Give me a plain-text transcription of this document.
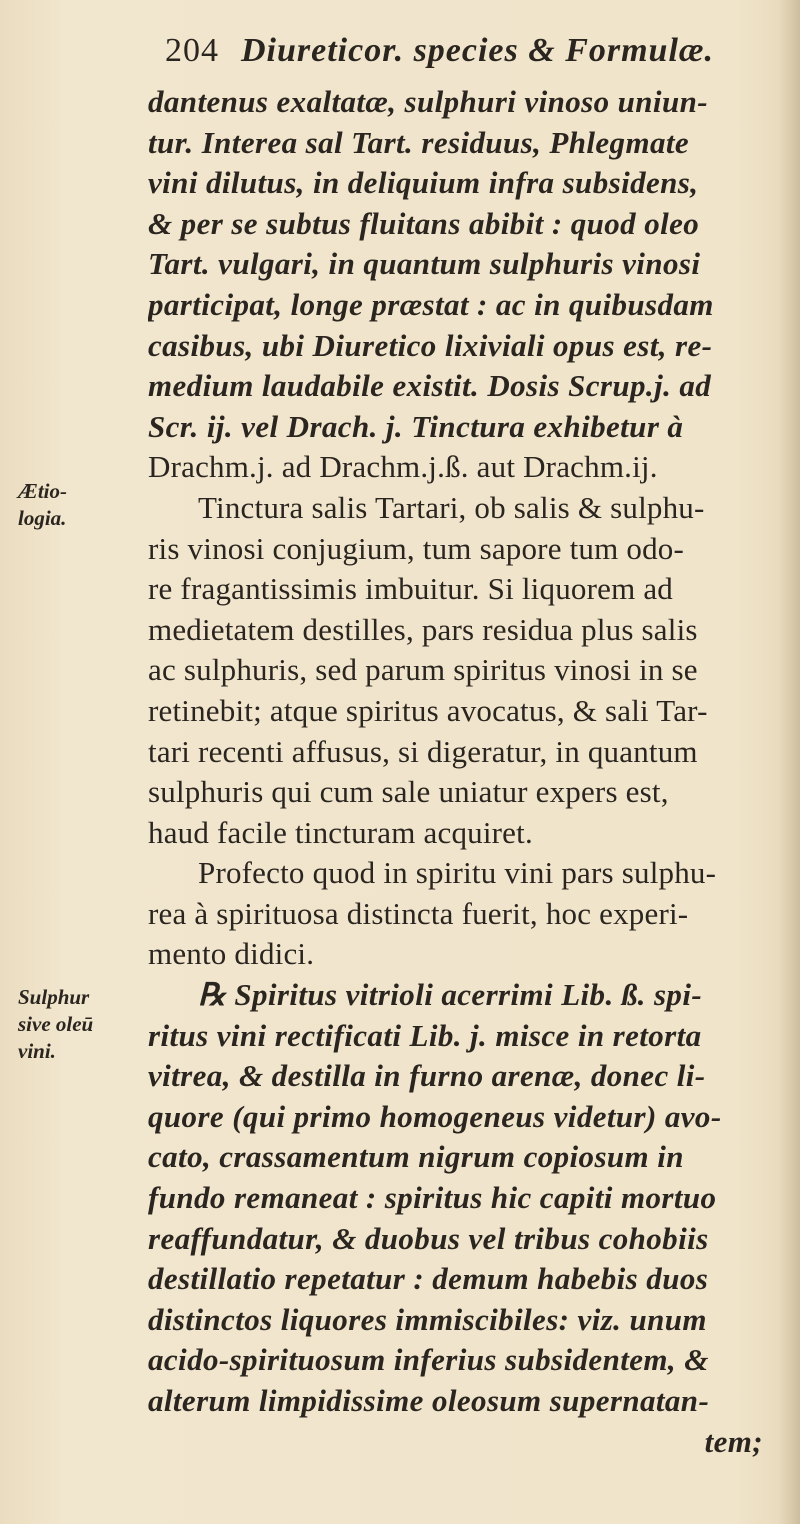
204 Diureticor. species & Formulæ.
Ætio-
logia.
Sulphur
sive oleū
vini.
dantenus exaltatæ, sulphuri vinoso uniun-
tur. Interea sal Tart. residuus, Phlegmate
vini dilutus, in deliquium infra subsidens,
& per se subtus fluitans abibit : quod oleo
Tart. vulgari, in quantum sulphuris vinosi
participat, longe præstat : ac in quibusdam
casibus, ubi Diuretico lixiviali opus est, re-
medium laudabile existit. Dosis Scrup.j. ad
Scr. ij. vel Drach. j. Tinctura exhibetur à
Drachm.j. ad Drachm.j.ß. aut Drachm.ij.
Tinctura salis Tartari, ob salis & sulphu-
ris vinosi conjugium, tum sapore tum odo-
re fragantissimis imbuitur. Si liquorem ad
medietatem destilles, pars residua plus salis
ac sulphuris, sed parum spiritus vinosi in se
retinebit; atque spiritus avocatus, & sali Tar-
tari recenti affusus, si digeratur, in quantum
sulphuris qui cum sale uniatur expers est,
haud facile tincturam acquiret.
Profecto quod in spiritu vini pars sulphu-
rea à spirituosa distincta fuerit, hoc experi-
mento didici.
℞ Spiritus vitrioli acerrimi Lib. ß. spi-
ritus vini rectificati Lib. j. misce in retorta
vitrea, & destilla in furno arenæ, donec li-
quore (qui primo homogeneus videtur) avo-
cato, crassamentum nigrum copiosum in
fundo remaneat : spiritus hic capiti mortuo
reaffundatur, & duobus vel tribus cohobiis
destillatio repetatur : demum habebis duos
distinctos liquores immiscibiles: viz. unum
acido-spirituosum inferius subsidentem, &
alterum limpidissime oleosum supernatan-
tem;
